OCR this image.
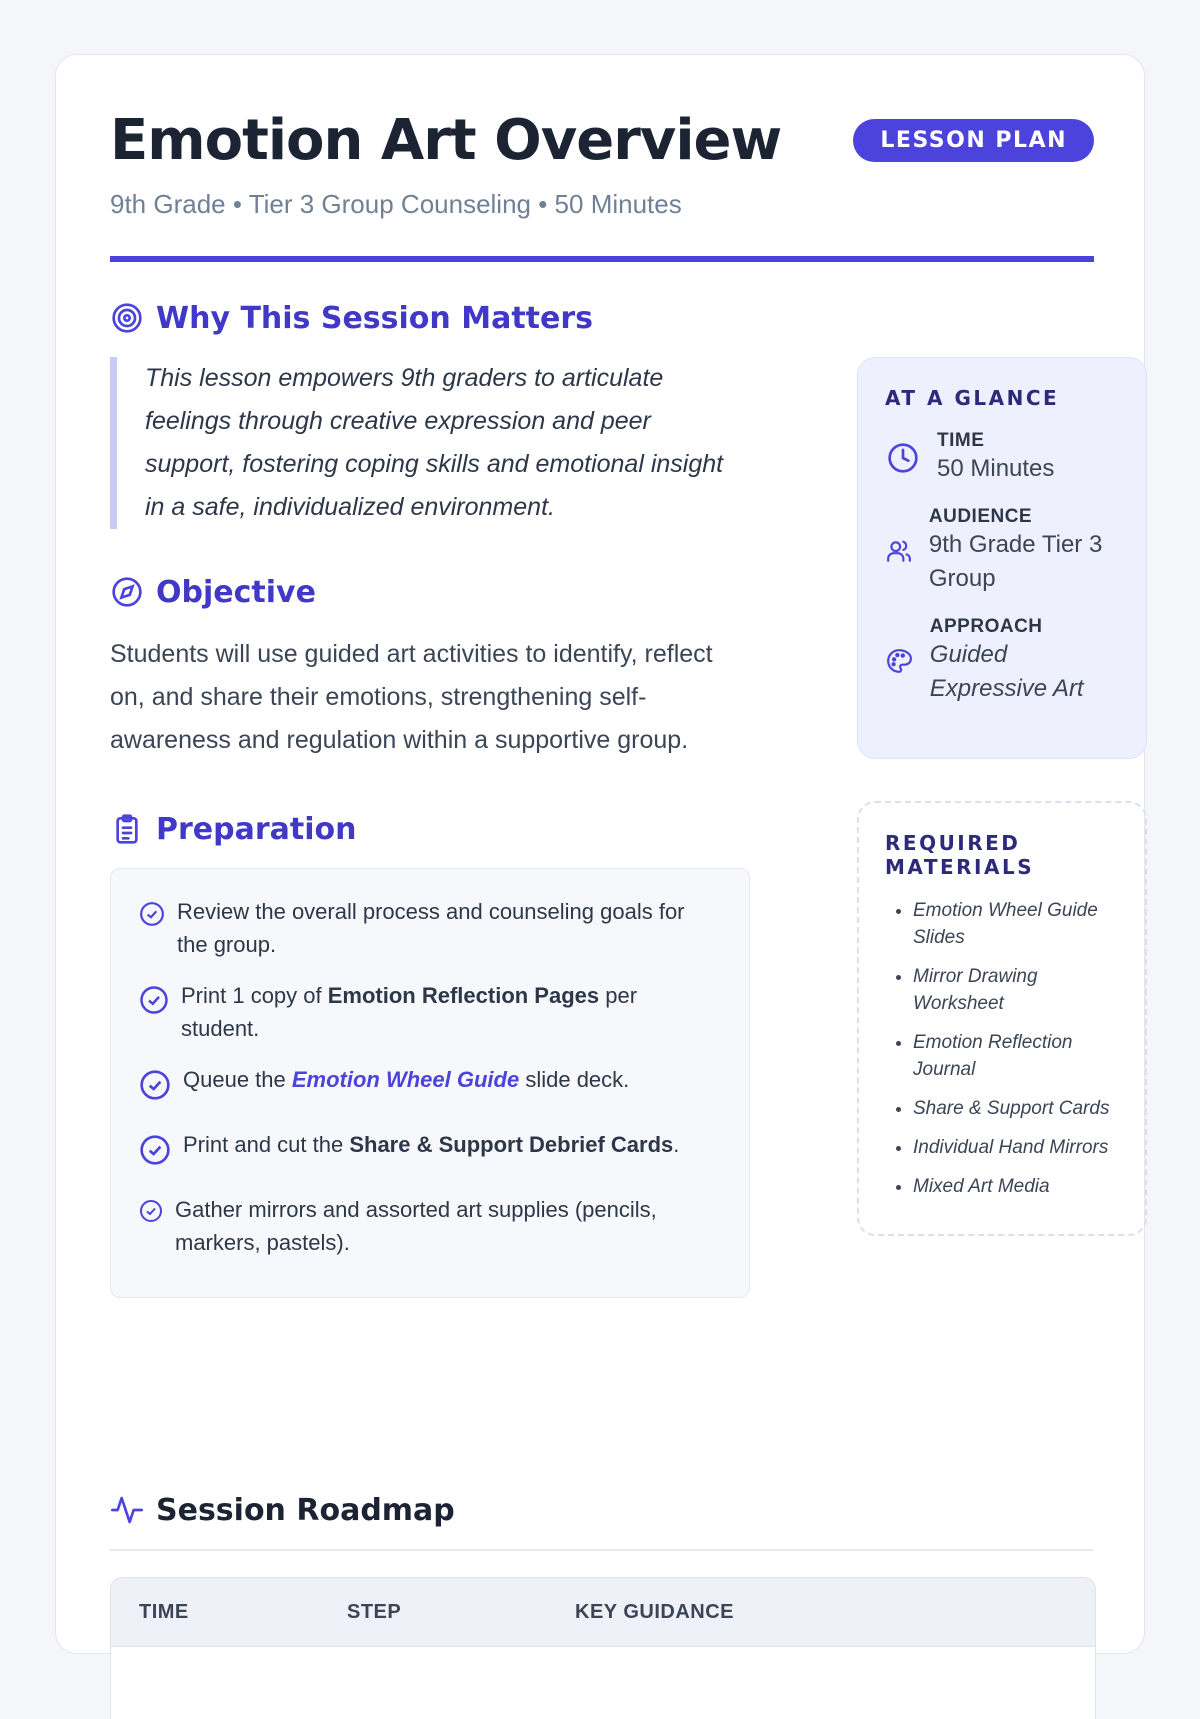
Emotion Art Overview	LESSON PLAN
9th Grade • Tier 3 Group Counseling • 50 Minutes
Why This Session Matters
This lesson empowers 9th graders to articulate feelings through creative expression and peer support, fostering coping skills and emotional insight in a safe, individualized environment.
Objective
Students will use guided art activities to identify, reflect on, and share their emotions, strengthening self-awareness and regulation within a supportive group.
Preparation
Review the overall process and counseling goals for the group.
Print 1 copy of Emotion Reflection Pages per student.
Queue the Emotion Wheel Guide slide deck.
Print and cut the Share & Support Debrief Cards.
Gather mirrors and assorted art supplies (pencils, markers, pastels).
AT A GLANCE
TIME
50 Minutes
AUDIENCE
9th Grade Tier 3 Group
APPROACH
Guided Expressive Art
REQUIRED MATERIALS
• Emotion Wheel Guide Slides
• Mirror Drawing Worksheet
• Emotion Reflection Journal
• Share & Support Cards
• Individual Hand Mirrors
• Mixed Art Media
Session Roadmap
TIME	STEP	KEY GUIDANCE
